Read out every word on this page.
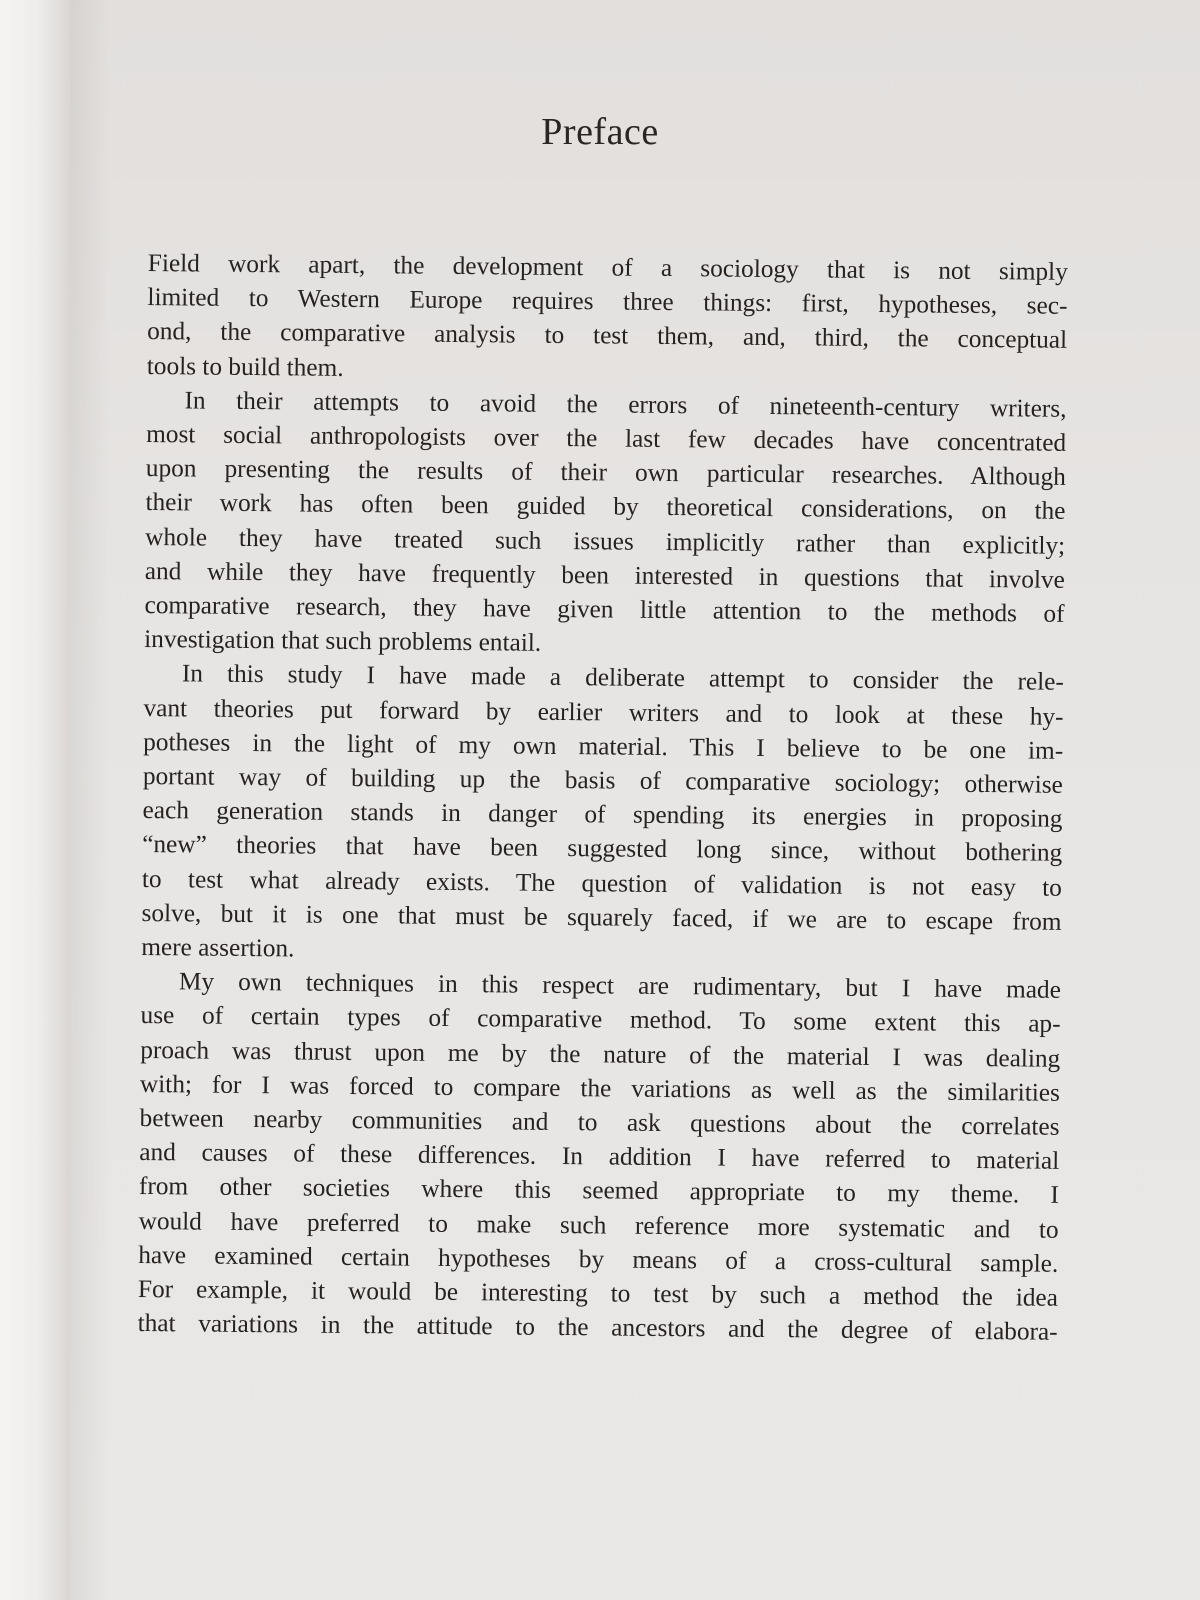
Preface

Field work apart, the development of a sociology that is not simply
limited to Western Europe requires three things: first, hypotheses, sec-
ond, the comparative analysis to test them, and, third, the conceptual
tools to build them.

In their attempts to avoid the errors of nineteenth-century writers,
most social anthropologists over the last few decades have concentrated
upon presenting the results of their own particular researches. Although
their work has often been guided by theoretical considerations, on the
whole they have treated such issues implicitly rather than explicitly;
and while they have frequently been interested in questions that involve
comparative research, they have given little attention to the methods of
investigation that such problems entail.

In this study I have made a deliberate attempt to consider the rele-
vant theories put forward by earlier writers and to look at these hy-
potheses in the light of my own material. This I believe to be one im-
portant way of building up the basis of comparative sociology; otherwise
each generation stands in danger of spending its energies in proposing
“new” theories that have been suggested long since, without bothering
to test what already exists. The question of validation is not easy to
solve, but it is one that must be squarely faced, if we are to escape from
mere assertion.

My own techniques in this respect are rudimentary, but I have made
use of certain types of comparative method. To some extent this ap-
proach was thrust upon me by the nature of the material I was dealing
with; for I was forced to compare the variations as well as the similarities
between nearby communities and to ask questions about the correlates
and causes of these differences. In addition I have referred to material
from other societies where this seemed appropriate to my theme. I
would have preferred to make such reference more systematic and to
have examined certain hypotheses by means of a cross-cultural sample.
For example, it would be interesting to test by such a method the idea
that variations in the attitude to the ancestors and the degree of elabora-
